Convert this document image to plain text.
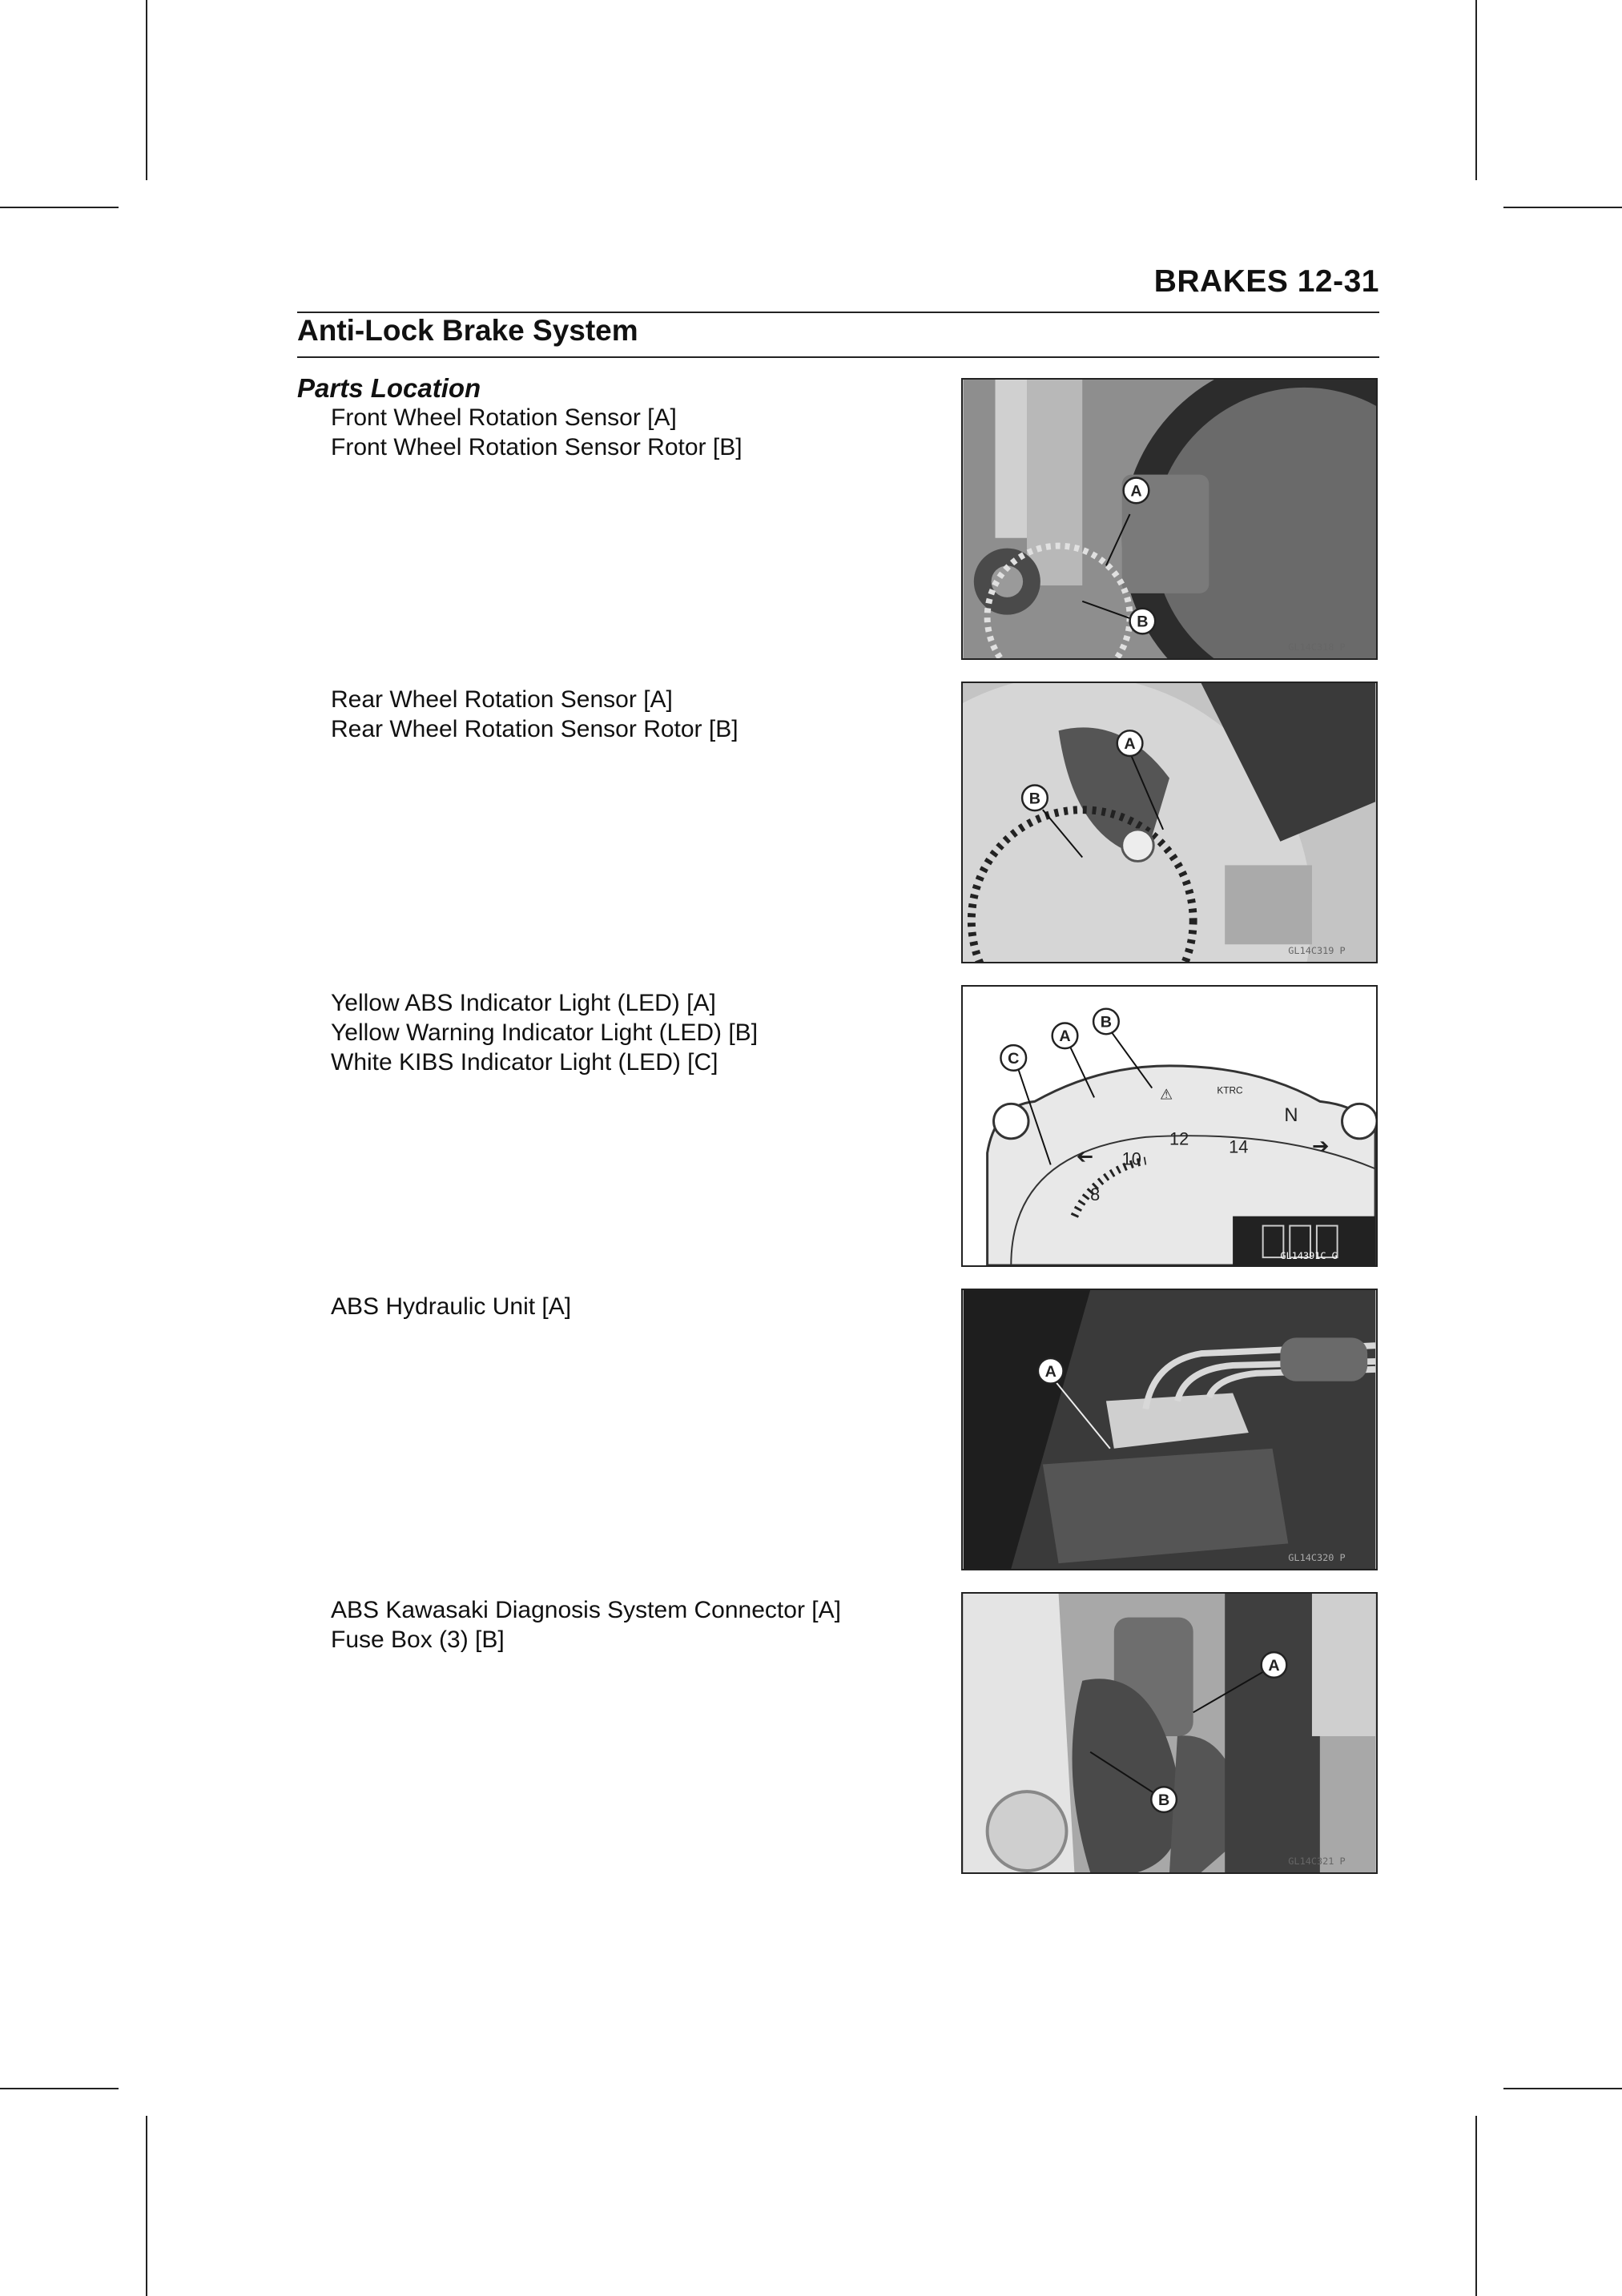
BRAKES 12-31
Anti-Lock Brake System
Parts Location
Front Wheel Rotation Sensor [A]
Front Wheel Rotation Sensor Rotor [B]
A
B
GL14C318 P
Rear Wheel Rotation Sensor [A]
Rear Wheel Rotation Sensor Rotor [B]
A
B
GL14C319 P
Yellow ABS Indicator Light (LED) [A]
Yellow Warning Indicator Light (LED) [B]
White KIBS Indicator Light (LED) [C]
8
10
12 14
KTRC
N
➔
➔
⚠
A
B
C
GL14391C G
ABS Hydraulic Unit [A]
A
GL14C320 P
ABS Kawasaki Diagnosis System Connector [A]
Fuse Box (3) [B]
A
B
GL14C321 P
